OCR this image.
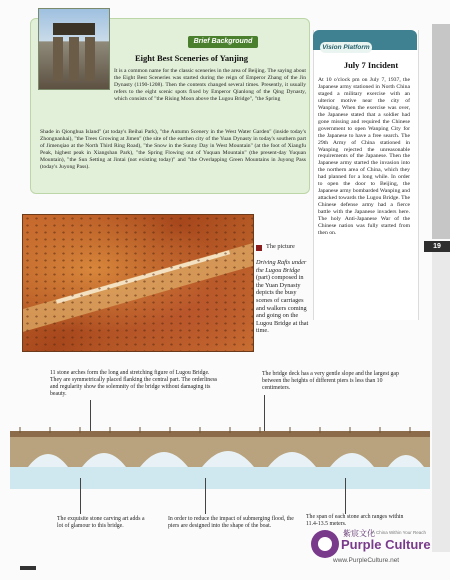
19
Brief Background
Eight Best Sceneries of Yanjing
It is a common name for the classic sceneries in the area of Beijing. The saying about the Eight Best Sceneries was started during the reign of Emperor Zhang of the Jin Dynasty (1190-1208). Then the contents changed several times. Presently, it usually refers to the eight scenic spots fixed by Emperor Qianlong of the Qing Dynasty, which consists of "the Rising Moon above the Lugou Bridge", "the Spring
Shade in Qionghua Island" (at today's Beihai Park), "the Autumn Scenery in the West Water Garden" (inside today's Zhongnanhai), "the Trees Growing at Jimen" (the site of the earthen city of the Yuan Dynasty in today's southern part of Jimenqiao at the North Third Ring Road), "the Snow in the Sunny Day in West Mountain" (at the foot of Xiangfu Peak, highest peak in Xiangshan Park), "the Spring Flowing out of Yuquan Mountain" (the present-day Yuquan Mountain), "the Sun Setting at Jintai (not existing today)" and "the Overlapping Green Mountains in Juyong Pass (today's Juyong Pass).
Vision Platform
July 7 Incident
At 10 o'clock pm on July 7, 1937, the Japanese army stationed in North China staged a military exercise with an ulterior motive near the city of Wanping. When the exercise was over, the Japanese stated that a soldier had gone missing and required the Chinese government to open Wanping City for the Japanese to have a free search. The 29th Army of China stationed in Wanping rejected the unreasonable requirements of the Japanese. Then the Japanese army started the invasion into the northern area of China, which they had planned for a long while. In order to open the door to Beijing, the Japanese army bombarded Wanping and attacked towards the Lugou Bridge. The Chinese defense army had a fierce battle with the Japanese invaders here. The holy Anti-Japanese War of the Chinese nation was fully started from then on.
The picture
Driving Rafts under the Lugou Bridge (part) composed in the Yuan Dynasty depicts the busy scenes of carriages and walkers coming and going on the Lugou Bridge at that time.
11 stone arches form the long and stretching figure of Lugou Bridge. They are symmetrically placed flanking the central part. The orderliness and regularity show the solemnity of the bridge without damaging its beauty.
The bridge deck has a very gentle slope and the largest gap between the heights of different piers is less than 10 centimeters.
The exquisite stone carving art adds a lot of glamour to this bridge.
In order to reduce the impact of submerging flood, the piers are designed into the shape of the boat.
The span of each stone arch ranges within 11.4-13.5 meters.
紫宸文化
A China Within Your Reach
Purple Culture
www.PurpleCulture.net
